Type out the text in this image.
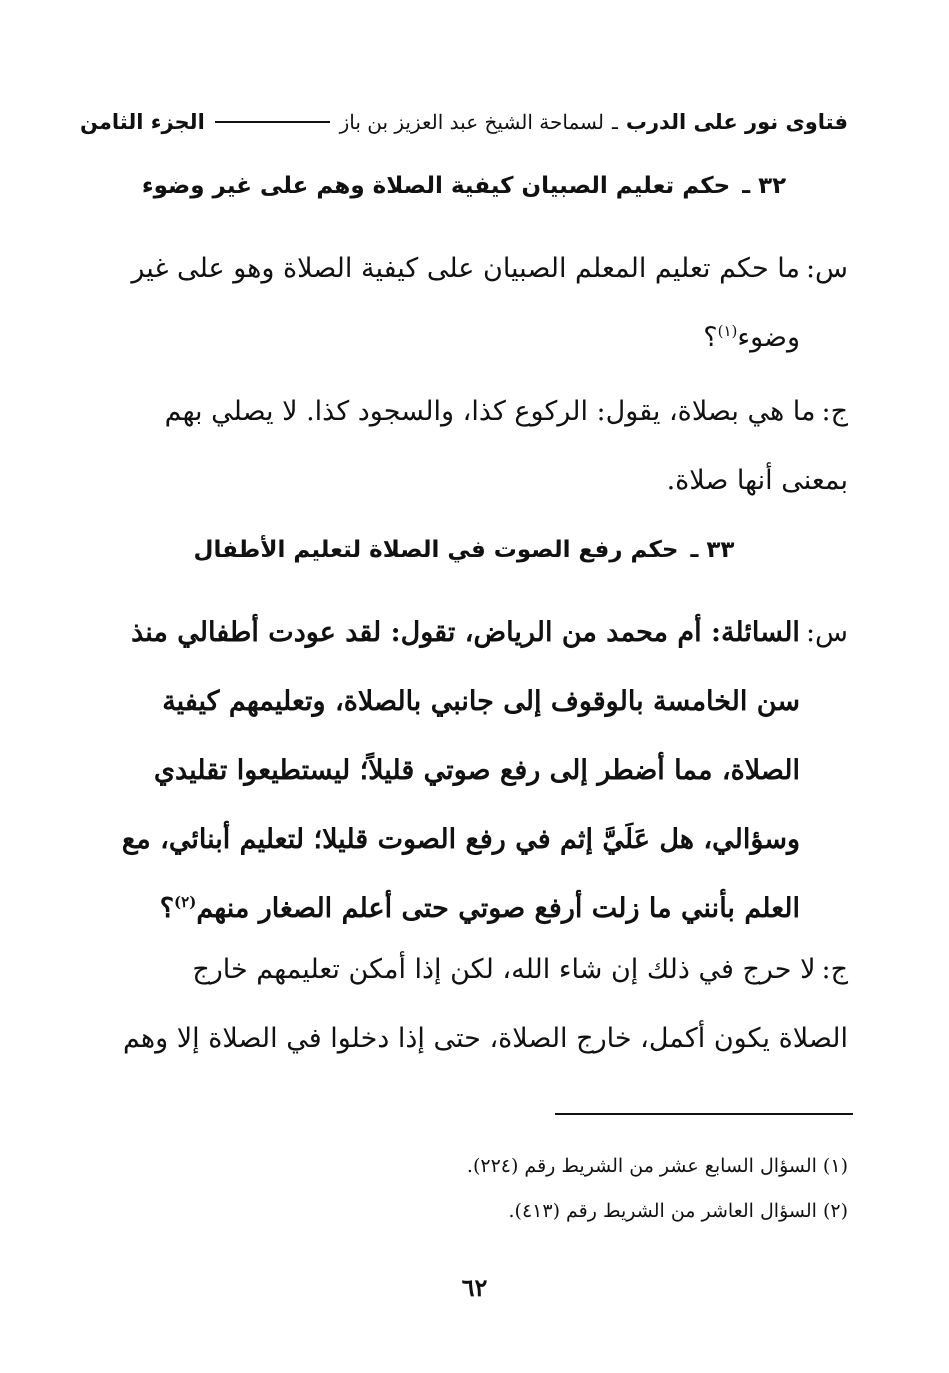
فتاوى نور على الدرب
ـ
لسماحة الشيخ عبد العزيز بن باز
الجزء الثامن
٣٢ ـ حكم تعليم الصبيان كيفية الصلاة وهم على غير وضوء
س:ما حكم تعليم المعلم الصبيان على كيفية الصلاة وهو على غير
وضوء$^{(١)}$؟
ج:ما هي بصلاة، يقول: الركوع كذا، والسجود كذا. لا يصلي بهم
بمعنى أنها صلاة.
٣٣ ـ حكم رفع الصوت في الصلاة لتعليم الأطفال
س:السائلة: أم محمد من الرياض، تقول: لقد عودت أطفالي منذ
سن الخامسة بالوقوف إلى جانبي بالصلاة، وتعليمهم كيفية
الصلاة، مما أضطر إلى رفع صوتي قليلاً؛ ليستطيعوا تقليدي
وسؤالي، هل عَلَيَّ إثم في رفع الصوت قليلا؛ لتعليم أبنائي، مع
العلم بأنني ما زلت أرفع صوتي حتى أعلم الصغار منهم$^{(٢)}$؟
ج:لا حرج في ذلك إن شاء الله، لكن إذا أمكن تعليمهم خارج
الصلاة يكون أكمل، خارج الصلاة، حتى إذا دخلوا في الصلاة إلا وهم
(١) السؤال السابع عشر من الشريط رقم (٢٢٤).
(٢) السؤال العاشر من الشريط رقم (٤١٣).
٦٢
